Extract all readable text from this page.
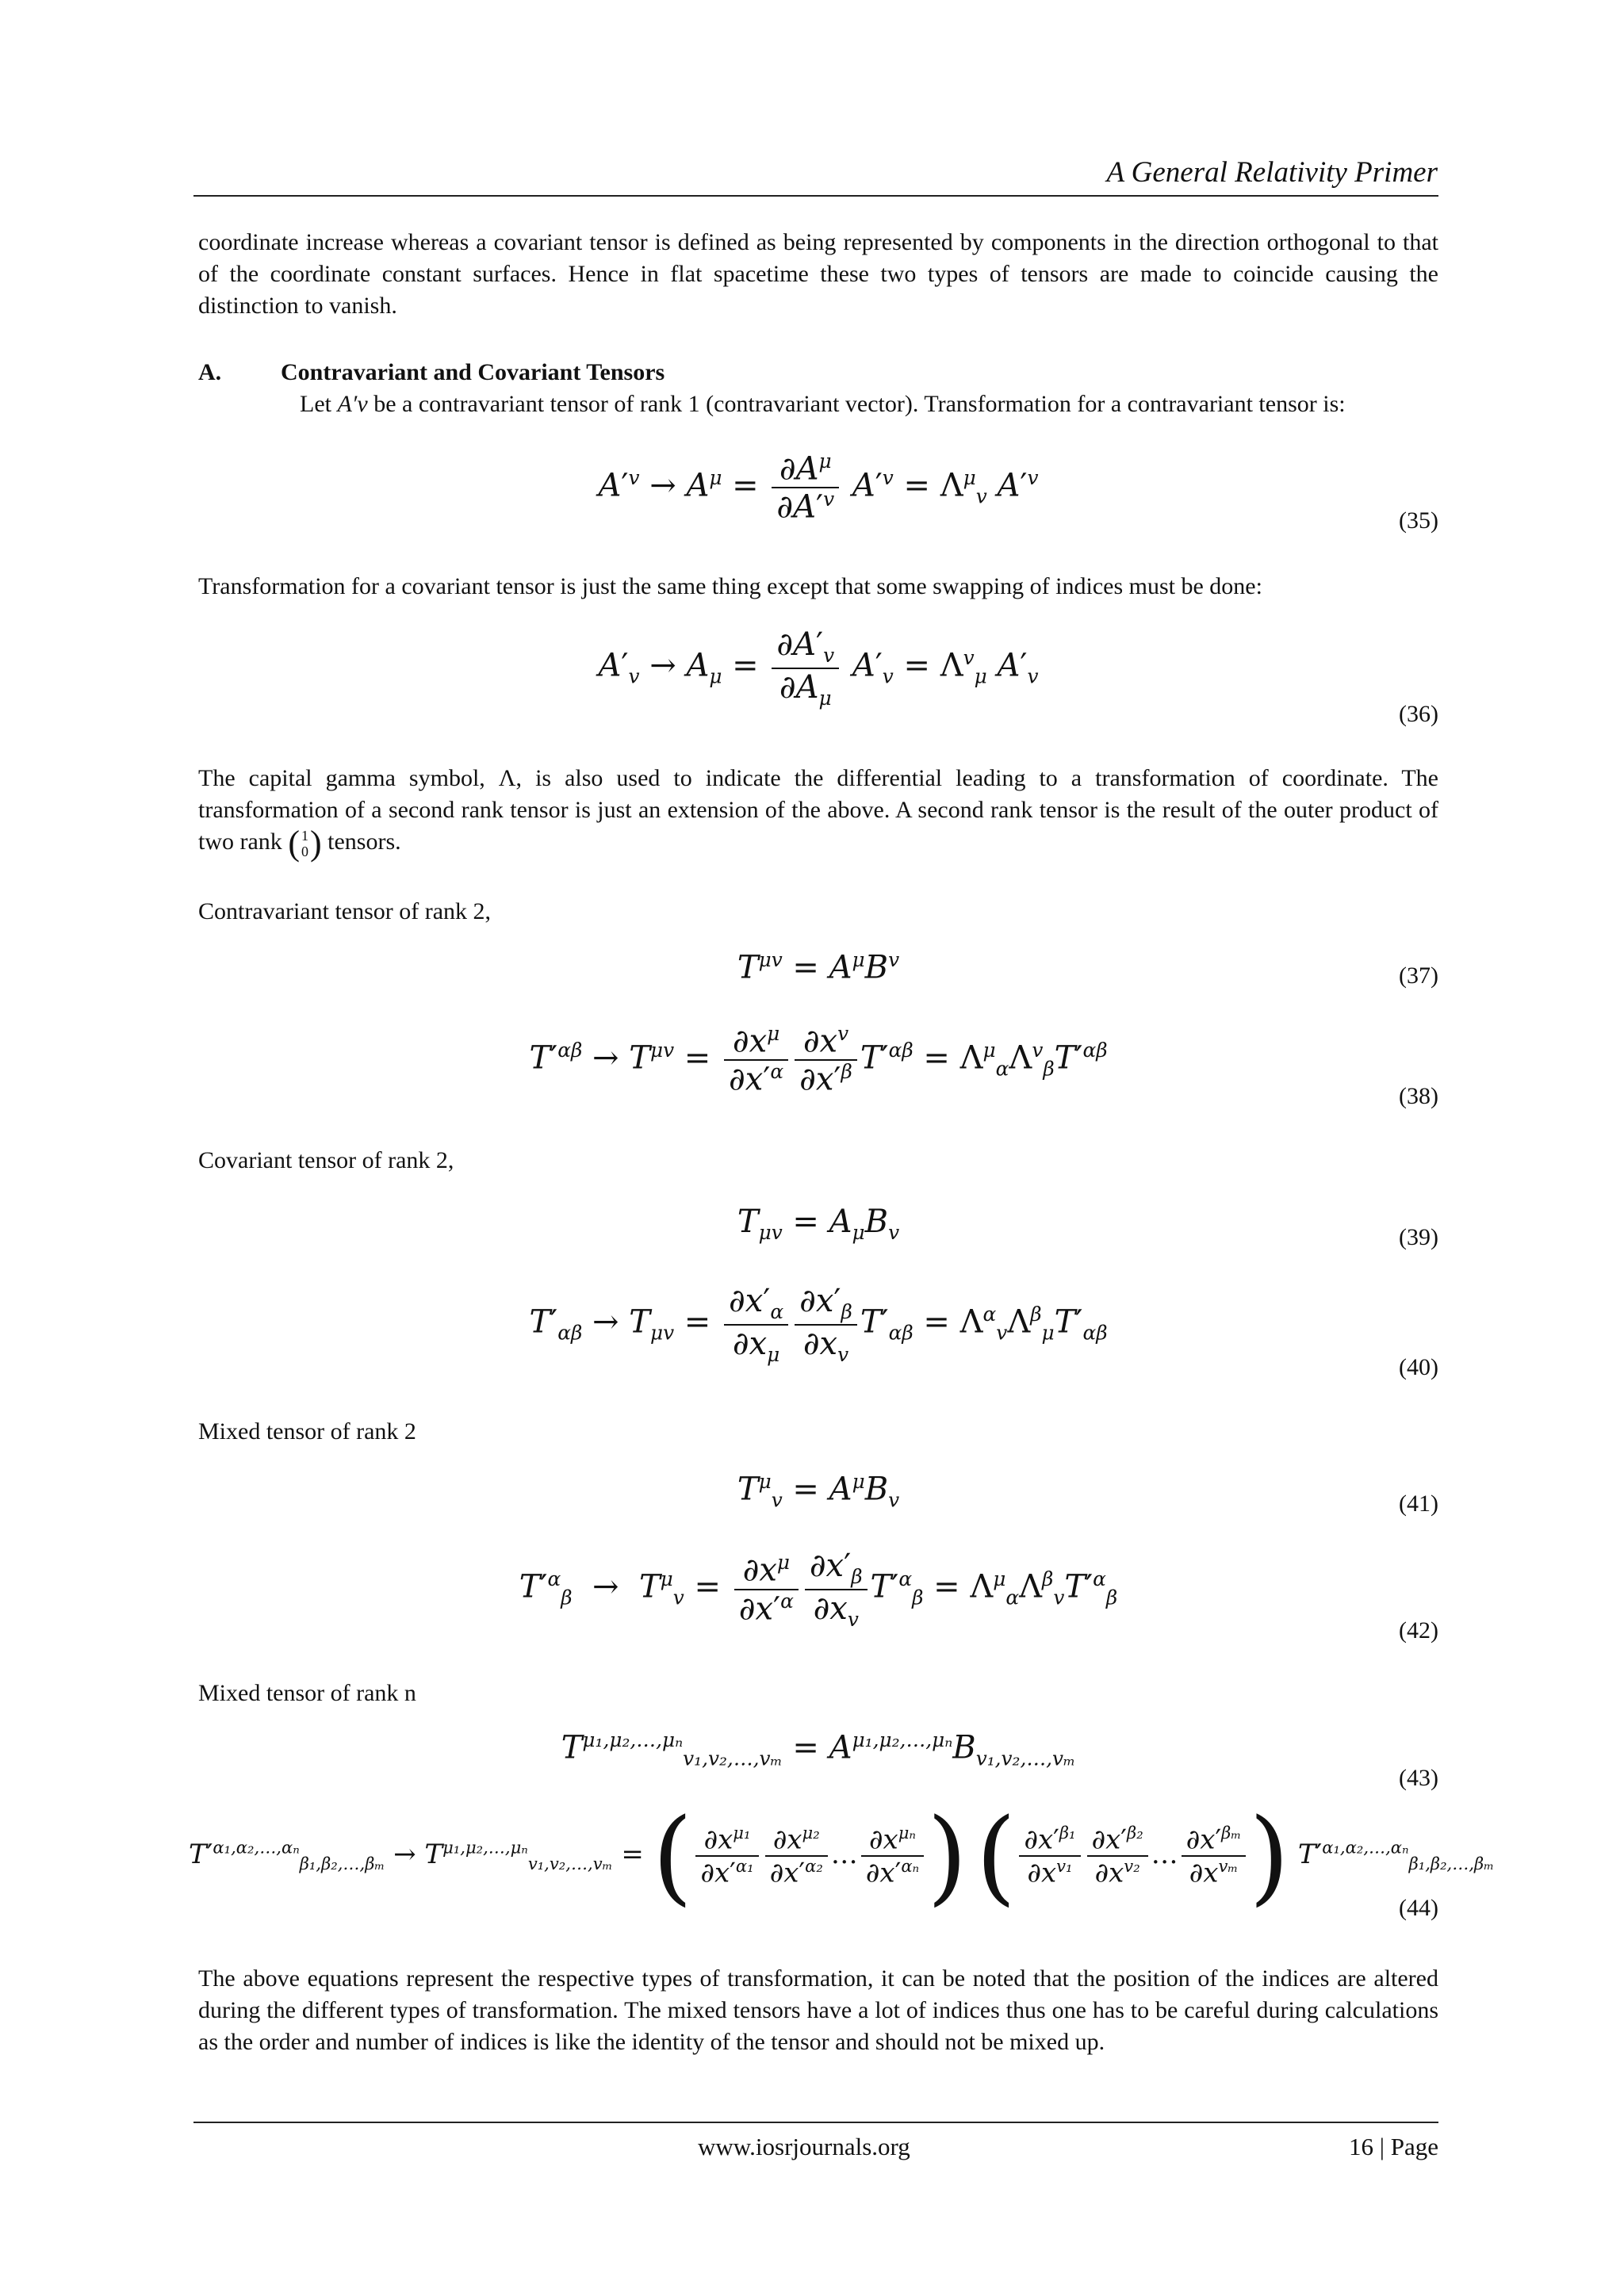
A General Relativity Primer
coordinate increase whereas a covariant tensor is defined as being represented by components in the direction orthogonal to that of the coordinate constant surfaces. Hence in flat spacetime these two types of tensors are made to coincide causing the distinction to vanish.
A. Contravariant and Covariant Tensors
Let A′v be a contravariant tensor of rank 1 (contravariant vector). Transformation for a contravariant tensor is:
$A'^v \to A^\mu = \frac{\partial A^\mu}{\partial A'^v} A'^v = \Lambda^\mu_v$ $A'^v$
(35)
Transformation for a covariant tensor is just the same thing except that some swapping of indices must be done:
$A'_v \to A_\mu = \frac{\partial A'_v}{\partial A_\mu} A'_v = \Lambda^v_\mu$ $A'_v$
(36)
The capital gamma symbol, Λ, is also used to indicate the differential leading to a transformation of coordinate. The transformation of a second rank tensor is just an extension of the above. A second rank tensor is the result of the outer product of two rank ( 1
0 ) tensors.
Contravariant tensor of rank 2,
$T^{\mu v} = A^\mu B^v$
(37)
$T'^{\alpha\beta} \to T^{\mu v} = \frac{\partial x^\mu}{\partial x'^\alpha} \frac{\partial x^v}{\partial x'^\beta} T'^{\alpha\beta} = \Lambda^\mu_\alpha\Lambda^v_\beta T'^{\alpha\beta}$
(38)
Covariant tensor of rank 2,
$T_{\mu v} = A_\mu B_v$	(39)
$T'_{\alpha\beta} \to T_{\mu v} = \frac{\partial x'_\alpha}{\partial x_\mu} \frac{\partial x'_\beta}{\partial x_v} T'_{\alpha\beta} = \Lambda^\alpha_v\Lambda^\beta_\mu T'_{\alpha\beta}$
(40)
Mixed tensor of rank 2
$T^\mu_v = A^\mu B_v$	(41)
$T'^\alpha_\beta \to T^\mu_v = \frac{\partial x^\mu}{\partial x'^\alpha} \frac{\partial x'_\beta}{\partial x_v} T'^\alpha_\beta = \Lambda^\mu_\alpha\Lambda^\beta_vT'^\alpha_\beta$
(42)
Mixed tensor of rank n
$T^{\mu_1,\mu_2,\dots,\mu_n}_{v_1,v_2,\dots,v_m} = A^{\mu_1,\mu_2,\dots,\mu_n}B_{v_1,v_2,\dots,v_m}$
(43)
$T'^{\alpha_1,\alpha_2,\dots,\alpha_n}_{\beta_1,\beta_2,\dots,\beta_m} \to T^{\mu_1,\mu_2,\dots,\mu_n}_{v_1,v_2,\dots,v_m}$ = ( $\frac{\partial x^{\mu_1}}{\partial x'^{\alpha_1}} \frac{\partial x^{\mu_2}}{\partial x'^{\alpha_2}}$ … $\frac{\partial x^{\mu_n}}{\partial x'^{\alpha_n}}$ ) ( $\frac{\partial x'^{\beta_1}}{\partial x^{v_1}} \frac{\partial x'^{\beta_2}}{\partial x^{v_2}}$ … $\frac{\partial x'^{\beta_m}}{\partial x^{v_m}}$ ) $T'^{\alpha_1,\alpha_2,\dots,\alpha_n}_{\beta_1,\beta_2,\dots,\beta_m}$
(44)
The above equations represent the respective types of transformation, it can be noted that the position of the indices are altered during the different types of transformation. The mixed tensors have a lot of indices thus one has to be careful during calculations as the order and number of indices is like the identity of the tensor and should not be mixed up.
www.iosrjournals.org	16 | Page
